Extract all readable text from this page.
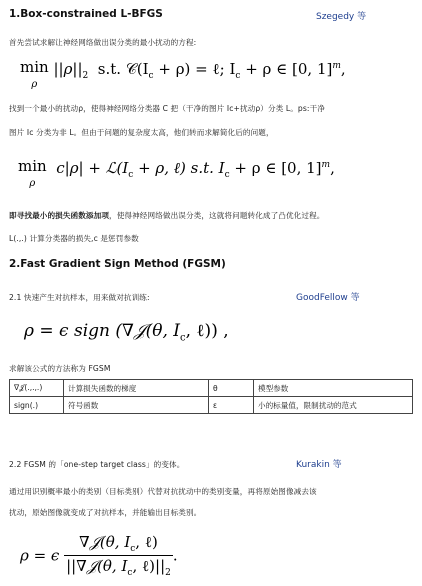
1.Box-constrained L-BFGS	Szegedy 等
首先尝试求解让神经网络做出误分类的最小扰动的方程:
min
ρ $||\rho||_2$ s.t. $𝒞(I_c + \rho)$ = ℓ; $I_c + \rho$ ∈ [0, 1]$^m$,
找到一个最小的扰动ρ，使得神经网络分类器 C 把（干净的图片 Ic+扰动ρ）分类 L。ps:干净
图片 Ic 分类为非 L。但由于问题的复杂度太高，他们转而求解简化后的问题，
min
ρ  $c|\rho| + ℒ(I_c + \rho$, ℓ) s.t. $I_c + \rho$ ∈ [0, 1]$^m$,
即寻找最小的损失函数添加项，使得神经网络做出误分类，这就将问题转化成了凸优化过程。
L(.,.) 计算分类器的损失,c 是惩罚参数
2.Fast Gradient Sign Method (FGSM)
2.1 快速产生对抗样本，用来做对抗训练:	GoodFellow 等
ρ = ϵ sign (∇𝒥(θ, $I_c$, ℓ)) ,
求解该公式的方法称为 FGSM
∇𝒥(.,.,.)	计算损失函数的梯度	θ	模型参数
sign(.)	符号函数	ε	小的标量值，限制扰动的范式
2.2 FGSM 的「one-step target class」的变体。	Kurakin 等
通过用识别概率最小的类别（目标类别）代替对抗扰动中的类别变量，再将原始图像减去该
扰动，原始图像就变成了对抗样本，并能输出目标类别。
ρ = ϵ $\frac{\nabla 𝒥(\theta, I_c, \ell)}{||\nabla 𝒥(\theta, I_c, \ell)||_2}$ .
